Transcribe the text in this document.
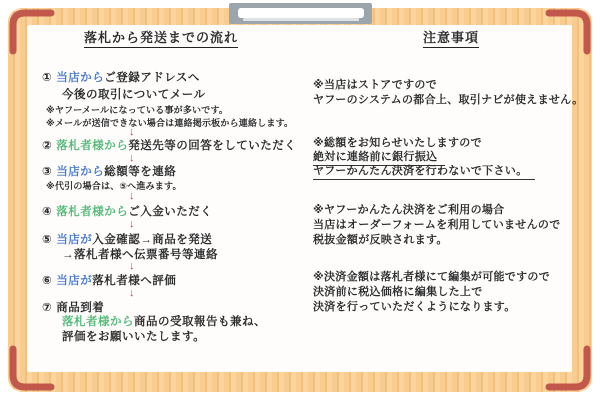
落札から発送までの流れ	注意事項
① 当店からご登録アドレスへ
今後の取引についてメール
※ヤフーメールになっている事が多いです。
※メールが送信できない場合は連絡掲示板から連絡します。
↓
② 落札者様から発送先等の回答をしていただく
↓
③ 当店から総額等を連絡
※代引の場合は、⑤へ進みます。
↓
④ 落札者様からご入金いただく
↓
⑤ 当店が入金確認→商品を発送
→落札者様へ伝票番号等連絡
↓
⑥ 当店が落札者様へ評価
↓
⑦ 商品到着
落札者様から商品の受取報告も兼ね、
評価をお願いいたします。
※当店はストアですので
ヤフーのシステムの都合上、取引ナビが使えません。
※総額をお知らせいたしますので
絶対に連絡前に銀行振込
ヤフーかんたん決済を行わないで下さい。
※ヤフーかんたん決済をご利用の場合
当店はオーダーフォームを利用していませんので
税抜金額が反映されます。
※決済金額は落札者様にて編集が可能ですので
決済前に税込価格に編集した上で
決済を行っていただくようになります。
